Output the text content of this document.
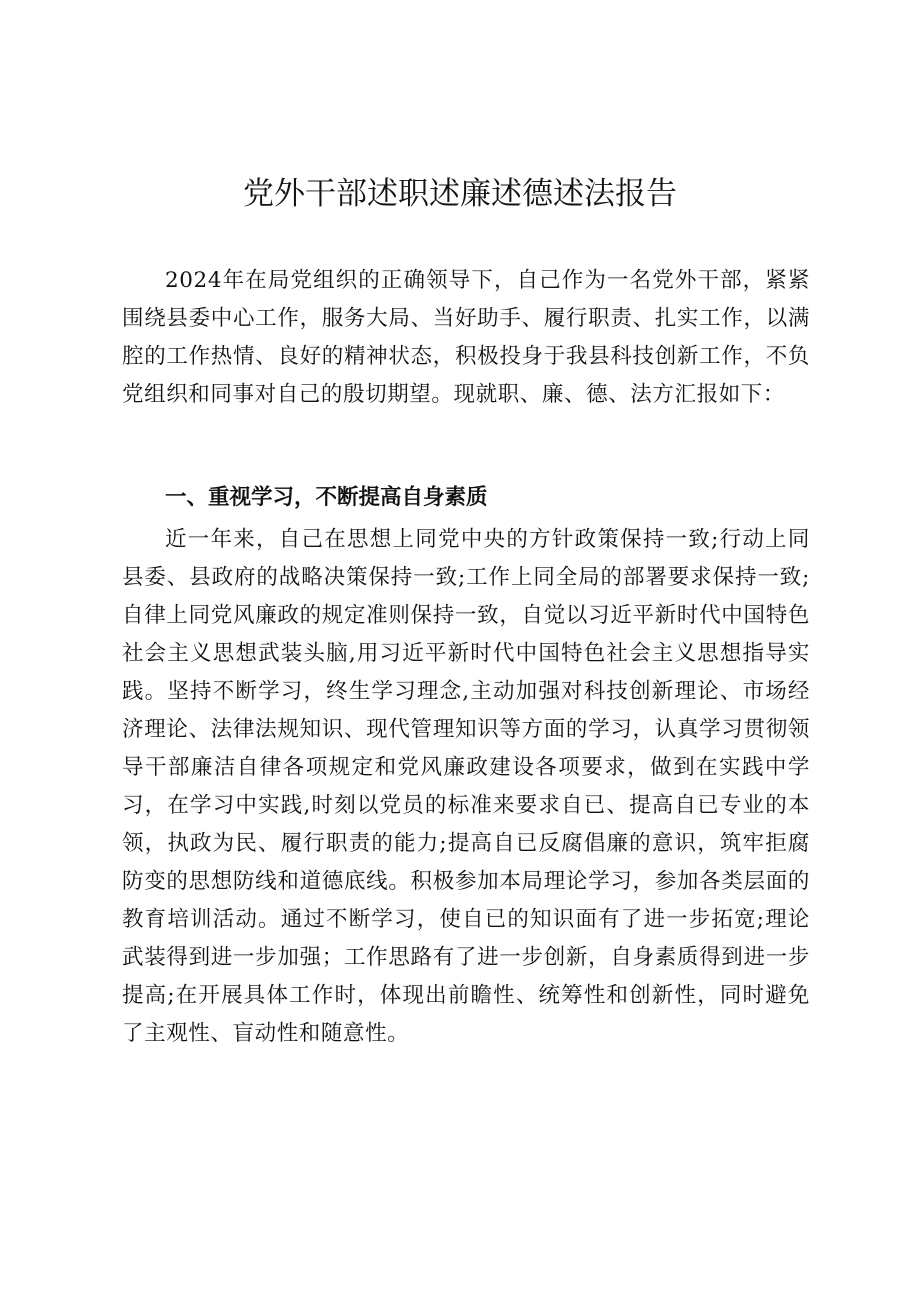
党外干部述职述廉述德述法报告

2024年在局党组织的正确领导下，自己作为一名党外干部，紧紧围绕县委中心工作，服务大局、当好助手、履行职责、扎实工作，以满腔的工作热情、良好的精神状态，积极投身于我县科技创新工作，不负党组织和同事对自己的殷切期望。现就职、廉、德、法方汇报如下：

一、重视学习，不断提高自身素质

近一年来，自己在思想上同党中央的方针政策保持一致;行动上同县委、县政府的战略决策保持一致;工作上同全局的部署要求保持一致;自律上同党风廉政的规定准则保持一致，自觉以习近平新时代中国特色社会主义思想武装头脑,用习近平新时代中国特色社会主义思想指导实践。坚持不断学习，终生学习理念,主动加强对科技创新理论、市场经济理论、法律法规知识、现代管理知识等方面的学习，认真学习贯彻领导干部廉洁自律各项规定和党风廉政建设各项要求，做到在实践中学习，在学习中实践,时刻以党员的标准来要求自已、提高自已专业的本领，执政为民、履行职责的能力;提高自已反腐倡廉的意识，筑牢拒腐防变的思想防线和道德底线。积极参加本局理论学习，参加各类层面的教育培训活动。通过不断学习，使自已的知识面有了进一步拓宽;理论武装得到进一步加强；工作思路有了进一步创新，自身素质得到进一步提高;在开展具体工作时，体现出前瞻性、统筹性和创新性，同时避免了主观性、盲动性和随意性。
